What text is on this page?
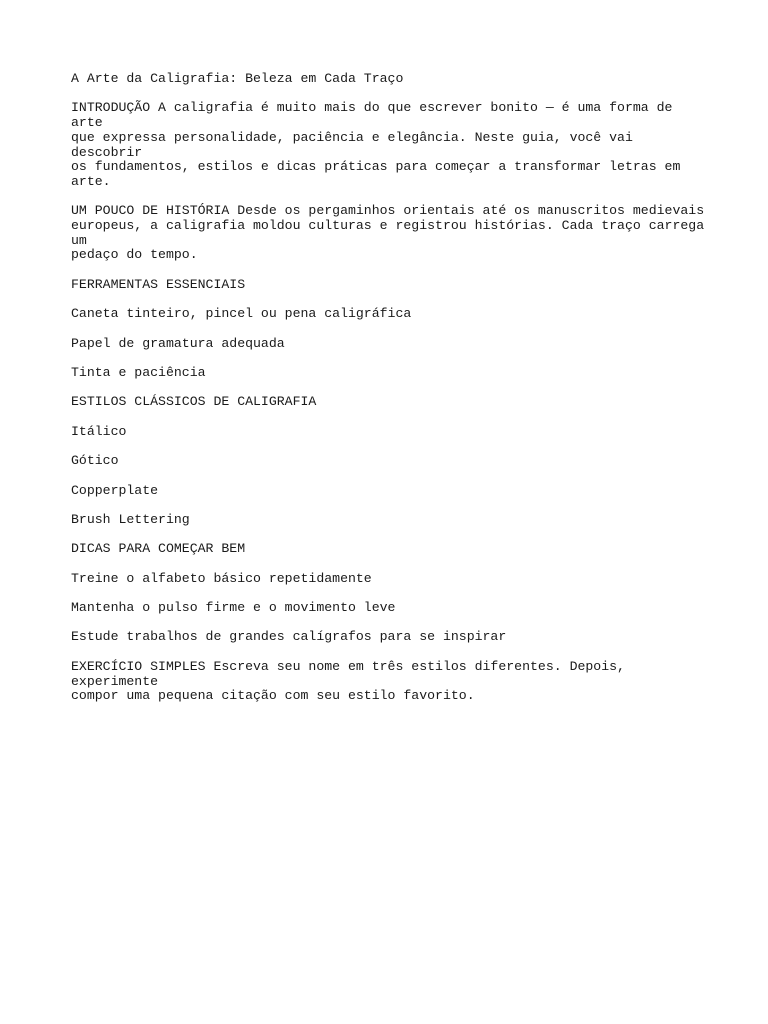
A Arte da Caligrafia: Beleza em Cada Traço

INTRODUÇÃO A caligrafia é muito mais do que escrever bonito — é uma forma de arte
que expressa personalidade, paciência e elegância. Neste guia, você vai descobrir
os fundamentos, estilos e dicas práticas para começar a transformar letras em arte.

UM POUCO DE HISTÓRIA Desde os pergaminhos orientais até os manuscritos medievais
europeus, a caligrafia moldou culturas e registrou histórias. Cada traço carrega um
pedaço do tempo.

FERRAMENTAS ESSENCIAIS

Caneta tinteiro, pincel ou pena caligráfica

Papel de gramatura adequada

Tinta e paciência

ESTILOS CLÁSSICOS DE CALIGRAFIA

Itálico

Gótico

Copperplate

Brush Lettering

DICAS PARA COMEÇAR BEM

Treine o alfabeto básico repetidamente

Mantenha o pulso firme e o movimento leve

Estude trabalhos de grandes calígrafos para se inspirar

EXERCÍCIO SIMPLES Escreva seu nome em três estilos diferentes. Depois, experimente
compor uma pequena citação com seu estilo favorito.
